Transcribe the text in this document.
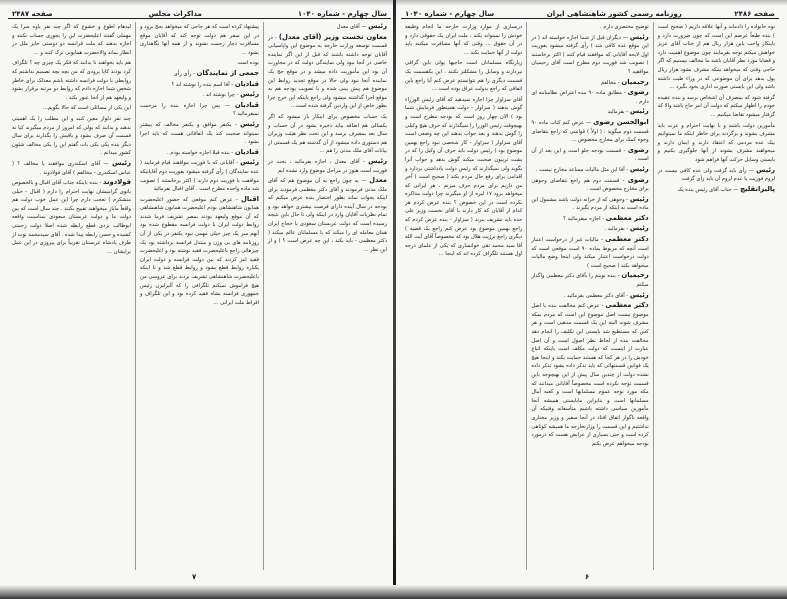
سال چهارم - شماره ۱۰۴۰
مذاکرات مجلس
صفحه ۲۴۸۷

رئیس — آقای معدل

معاون نخست وزیر (آقای معدل) - در قسمت توسعه وزارت خارجه به موضوع این واپاسیانی آقایان توجه داشته باشند که قبل از این اگر نماینده خاصی در آنجا نبود ولی نمایندگی دولت که در مجاورت آن بود این مأموریت داده میشد و در موقع حج یک نماینده آنجا نبود ولی حالا در موقع تجدید روابط این موضوع هم پیش بینی شده و با تصویب بودجه هم به موقع اجرا گذاشته میشود ولی راجع باینکه این خرج چرا بطور خاص از این واردین گرفته شده است...

یک حساب مخصوص برای اینکار باز میشود که اگر یکسالی هم اضافه بیاید ذخیره بشود در آن حساب و سال بعد بمصرف برسد و این تحت نظر هیئت وزیران هم دستوری داده میشود از آن گذشته هم یک قسمتی از بیانات آقای ملک مدنی را هم ...

رئیس - آقای معدل ، اجازه بفرمائید ، بحث در فوریت است هنوز در مراحل موضوع وارد نشده ایم

معدل — به چون راجع به آن موضوع هم که آقای ملک مدنی فرمودند و آقای دکتر معظمی فرمودند برای اینکه بجواب نماند بطور اختصار بنده عرض میکنم که بودجه در سال آینده دارای فرصت بیشتری خواهد بود و تمام نظریات آقایان وارد در اینکه ولی تا حال باین نتیجه رسیده است که دولت عربستان سعودی با حجاج ایران همان معامله ای را میکند که با مسلمانان عالم میکند ( دکتر معظمی - باید بکند ، این چه عرض است ؟ ) و از این نظر ...

پیشنهاد کرده است که هر حاجی که میخواهد بحج برود و در این سفر هم دولت توجه کند که آقایان موقع مسافرت دچار زحمت نشوند و از همه آنها نگاهداری بشود ...

بوده است

جمعی از نمایندگان - رأی رأی

قبادیان - آقا اسم بنده را نوشته اند ؟

رئیس - چرا نوشته اند .

قبادیان — پس چرا اجازه بنده را مرحمت نمیفرمائید ؟

رئیس - یکنفر موافق و یکنفر مخالف که بیشتر نمیتواند صحبت کند یک اتفاقاتی هست که باید اجرا بشود .

قبادیان - بنده قبلا اجازه خواسته بودم .

رئیس - آقایانی که با فوریت موافقند قیام فرمایند ( عده نمایندگان ) رأی گرفته میشود بفوریت دوم آقایانیکه موافقت با فوریت دوم دارند ( اکثر برخاستند ) تصویب شد ماده واحده مطرح است . آقای اقبال بفرمائید

اقبال - عرض کنم موقعی که حضور اعلیحضرت همایون شاهنشاهی بودم اعلیحضرت همایون شاهنشاهی که آن موقع ولیعهد بودند بمصر تشریف فرما شدند روابط دولت ایران با دولت فرانسه مقطوع شده بود آنهم سر یک چیز خیلی مهمی نبود یکنفر در یکی از آن روزنامه های بی وزن و مبتذل فرانسه برداشته بود یک چیزهائی راجع باعلیحضرت فقید نوشته بود و اعلیحضرت فقید امر کردند که بین دولت فرانسه و دولت ایران یکباره روابط قطع بشود و روابط قطع شد و تا اینکه باعلیحضرت شاهنشاهی تشریف بردند برای عروسی من هیچ فراموش نمیکنم تلگرافی را که آلبرلبرن رئیس جمهوری فرانسه بشاه فقید کرده بود و این تلگراف و افراط ملت ایرانی ...

لیدهام اطوع و خشوع که اگر چند نفر یاوه سرا یک مهملی گفتند اعلیحضرت این را بجوری حساب نکنند و اجازه بدهند که ملت فرانسه دو دوستی حایز ملل در انظار بماند والاحضرت همایونی ترک کنند و ...

هم باید بخواهند تا بدانند که فکر یک چیزی چه ؟ تلگراف کرد بودند کاپا برودی که من بچه بچه تصمیم نداشتم که روابطی با دولت فرانسه داشته باشم معذلک برای خاطر شخص شما اجازه دادم که روابط دو مرتبه برقرار بشود و ولیعهد هم از آنجا عبور بکند .

این یکی از مسائلی است که حالا بگویم...

چند نفر دلواز معین کنند و این مطلب را یک اهمیتی بدهند و بدانند که پولی که امروز از مردم میگیرند کیا نه قسمت آن صرف بشود و باقیش را بگذارند برای سال دیگر بنده یکی یکی بات گفتم این را یکی مخالف شئون کشور میدانم .

رئیس — آقای اسکندری موافقند یا مخالف ؟ ( عباس اسکندری - مخالفم ) آقای فولادوند .

فولادوند - بنده باینکه جناب آقای اقبال و بالخصوص باتوی گرامیشان نهایت احترام را دارم ( اقبال - خیلی متشکرم ) تعجب دارم چرا این عمل خوب دولت هم واقعاً ماباز میخواهند تقبیح بکنند . چند سال است که بین دولت ما و دولت عربستان سعودی بمناسبت واقعه ابوطالب یزدی قطع رابطه شده اصلا دولت زحمتی کشیده و حسن رابطه پیدا شده . آقای سیدمحمد نوت از طرف پادشاه عربستان تقریباً برای پیروزی در این عمل برایشان ...

۷
صفحه ۲۴۸۶
روزنامه رسمی کشور شاهنشاهی ایران
سال چهارم - شماره ۱۰۴۰

نوه خانواده را دادماند و آنها علاقه داریم ( صحیح است ) بنده طبعاً عرضم این است که چون ضرورت دارد و باینکار واجب باین هزار ریال هم از جناب آقای عزیز خواهش میکنم توجه بفرمایند چون موضوع اهمیت دارد و قضایا مورد نظر آقایان باشد ما مخالف نیستیم که اگر حاجی وقتی که میخواهد بمکه مشرف بشود هزار ریال پول بدهد برای آن موضوعی که در وراء طیب داشته باشد ولی این بایستی صورت اداری بخود بگیرد ...

گرفته شود که بمصرف آن اشخاص برسد و بنده عقیده خودم را اظهار میکنم که دولت آن امر حاج باشد والا که گرفتار میشود تقاضا میکنیم ...

مأمورین دولت باشند و با نهایت احترام و عزت باید مشرف بشوند و برگردند برای خاطر اینکه ما نمیتوانیم بیک عده مردمی که اعتقاد دارند و ایمان دارند و میخواهند مشرف بشوند از آنها جلوگیری بکنیم و بایستی وسایل حرکت آنها فراهم شود

رئیس — رأی باید گرفت ولی عده کافی نیست در لزوم فوریت یا عدم لزوم آن باید رأی گرفت

پالیزانقلیچ — جناب آقای رئیس بنده یک

توضیح مختصری دارم .

رئیس — دیگران قبل از شما اجازه خواسته اند ( در این موقع عده کافی شد ) رأی گرفته میشود بفوریت اول لایحه آقایانی که موافقند قیام کنند ( اکثر برخاستند ) تصویب شد فوریت دوم مطرح است آقای رحیمیان موافقید ؟

رحیمیان - مخالفم

رضوی - مطابق ماده ۹۰ بنده اعتراض نظامنامه ای دارم .

رئیس - بفرمائید

ابوالحسن رضوی — عرض کنم کتاب ماده ۹۰ قسمت دوم میگوید : ( اولاً ) قوانینی که راجع بتقاضای وجوه کمک برای مخارج مخصوص ...

رضوی - قسمت بودجه جلو است و این بعد از آن است .

رئیس - آقا این مثل مالیات مساعد مخارج نیست .

رضوی - قسمت دوم هم راجع بتقاضای وجوهی برای مخارج مخصوص است .

رئیس - وجوهی که از خزانه دولت باشد مشمول این ماده است نه اینکه از مردم بگیرند .

دکتر معظمی - اجازه میفرمائید ؟

رئیس - بفرمائید .

دکتر معظمی - مالیات غیر از درخواست اعتبار است آنچه که مربوط بماده ۹۰ است موقعی است که دولت درخواست اعتبار میکند ولی اینجا وضع مالیات میخواهد بکند ( صحیح است )

رحیمیان - بنده نوبتم را بآقای دکتر معظمی واگذار میکنم

رئیس - آقای دکتر معظمی بفرمائید .

دکتر معظمی - عرض کنم مخالفت بنده با اصل موضوع نیست اصل موضوع این است که مردم بمکه مشرف شوند البته این یک قسمت مذهبی است و هر کس که مستطیع شد بایستی این تکلیف را انجام دهد مخالفت بنده از لحاظ نظر اصول است و آن اصل عبارت از اینست که دولت مکلف است باینکه اتباع خودش را در هر کجا که هستند حمایت بکند و اینجا هیچ یک قوانین قسمتهائی که باید تذکر داده بشود تذکر داده نشده دولت از چندین سال پیش از این بهیچوجه باین قسمت توجه نکرده است مخصوصاً آقایانی میدانند که مکه مورد توجه عموم مسلمانها است و کعبه آمال مسلمانها است و بنابراین مابایستی همیشه آنجا مأمورین سیاسی داشته باشیم متأسفانه وقتیکه آن واقعه ناگوار اتفاق افتاد در آنجا سفیر و وزیر مختاری نداشتیم و این قسمت را وزارتخارجه ما همیشه کوتاهی کرده است و حتی بسیاری از عرایض هست که درمورد بودجه میخواهم عرض بکنم

درپساری از موارد وزارت خارجه ما انجام وظیفه خودش را نمیتواند بکند ، ملت ایران یک حقوقی دارد و در آن حقوق ... وقتی که آنها مسافرت میکنند باید دولت از آنها حمایت بکند ...

زیارتگاه مسلمانان است حاجیها پولی باین گرافی نپردازند و وسایل را مشکلتر نکنند . این یکقسمت یک قسمت دیگری را هم نتوانستم عرض کنم آیا راجع باین اتفاقی که راجع بدولت عراق بوده است ...

آقای سزاوار چرا اجازه نمیدهید که آقای رئیس الوزراء گوش بدهند ( سزاوار - دولت همینطور فرمایش شما بود ) الان چهار روز است که بودجه مطرح است و بهیچوقت رئیس الوزرا را نمیگذارند که حرف هیچ وکیلی را گوش بدهند و بعد جواب بدهند این چه وضعی است آقای سزاوار ( سزاوار - کار شخصی نبود راجع بهمین موضوع بود ) رئیس دولت باید حرف آن وکیل را که در پشت تریبون صحبت میکند گوش بدهد و جواب آنرا بگوید ولی نمیگذارند که رئیس دولت یادداشتی بردارد و اقدامی برای رفع حال مردم بکند ( صحیح است ) آخر من داریم برای مردم حرف میزنم ، هر ایرانی که میخواهد برود ۱۷ لیره از او میگیرند چرا دولت مذاکره نکرده است در این خصوص ؟ بنده عرض کردم هر کدام از آقایان که کار دارند با آقای نخست وزیر علی حده باید تشریف ببرند ( سزاوار - بنده عرض کردم که راجع بهمین موضوع بود عرض کنم راجع یک قضیه ) دیگری راجع برژیت هلال بود که مخصوصاً آقای آیت الله آقا سید محمد تقی خوانساری که یکی از علمای درجه اول هستند تلگراف کرده اند که اینجا ...

۶
